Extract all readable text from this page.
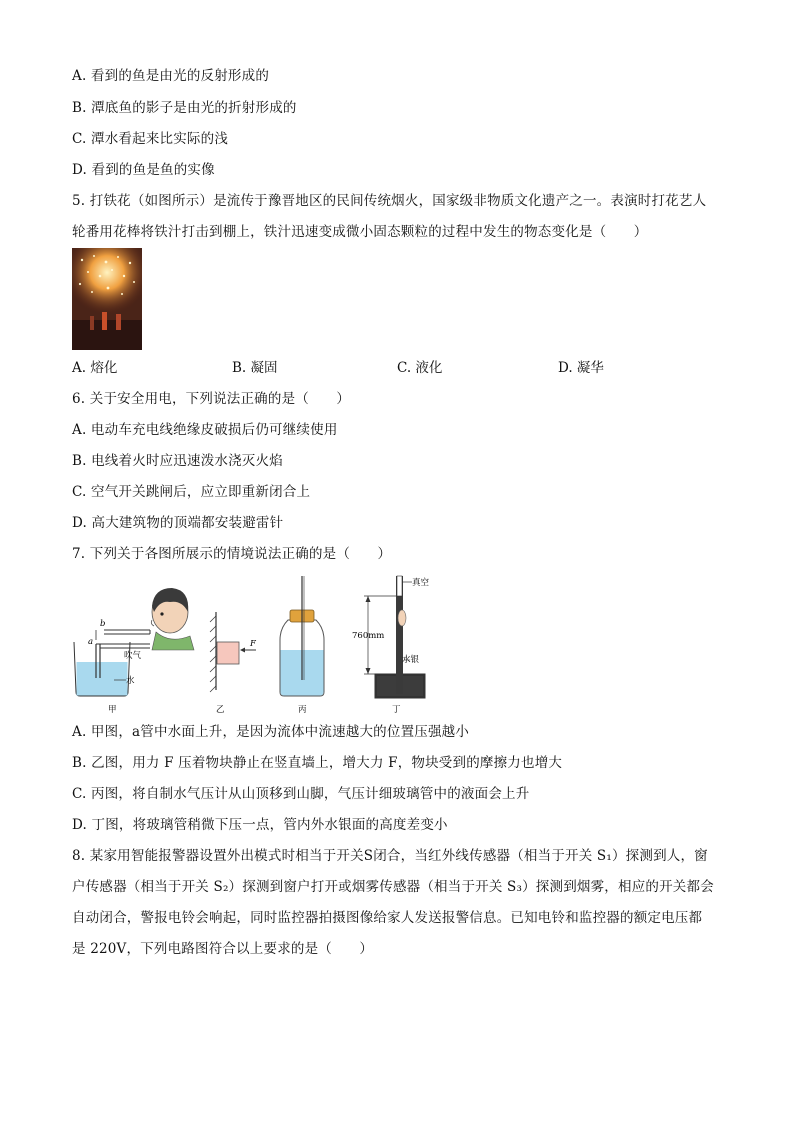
A. 看到的鱼是由光的反射形成的
B. 潭底鱼的影子是由光的折射形成的
C. 潭水看起来比实际的浅
D. 看到的鱼是鱼的实像
5. 打铁花（如图所示）是流传于豫晋地区的民间传统烟火，国家级非物质文化遗产之一。表演时打花艺人
轮番用花棒将铁汁打击到棚上，铁汁迅速变成微小固态颗粒的过程中发生的物态变化是（　　）
A. 熔化	B. 凝固	C. 液化	D. 凝华
6. 关于安全用电，下列说法正确的是（　　）
A. 电动车充电线绝缘皮破损后仍可继续使用
B. 电线着火时应迅速泼水浇灭火焰
C. 空气开关跳闸后，应立即重新闭合上
D. 高大建筑物的顶端都安装避雷针
7. 下列关于各图所展示的情境说法正确的是（　　）
a
b
吹气
水
甲
F
乙	丙
真空
760mm
水银
丁
A. 甲图，a管中水面上升，是因为流体中流速越大的位置压强越小
B. 乙图，用力 F 压着物块静止在竖直墙上，增大力 F，物块受到的摩擦力也增大
C. 丙图，将自制水气压计从山顶移到山脚，气压计细玻璃管中的液面会上升
D. 丁图，将玻璃管稍微下压一点，管内外水银面的高度差变小
8. 某家用智能报警器设置外出模式时相当于开关S闭合，当红外线传感器（相当于开关 S₁）探测到人，窗
户传感器（相当于开关 S₂）探测到窗户打开或烟雾传感器（相当于开关 S₃）探测到烟雾，相应的开关都会
自动闭合，警报电铃会响起，同时监控器拍摄图像给家人发送报警信息。已知电铃和监控器的额定电压都
是 220V，下列电路图符合以上要求的是（　　）
